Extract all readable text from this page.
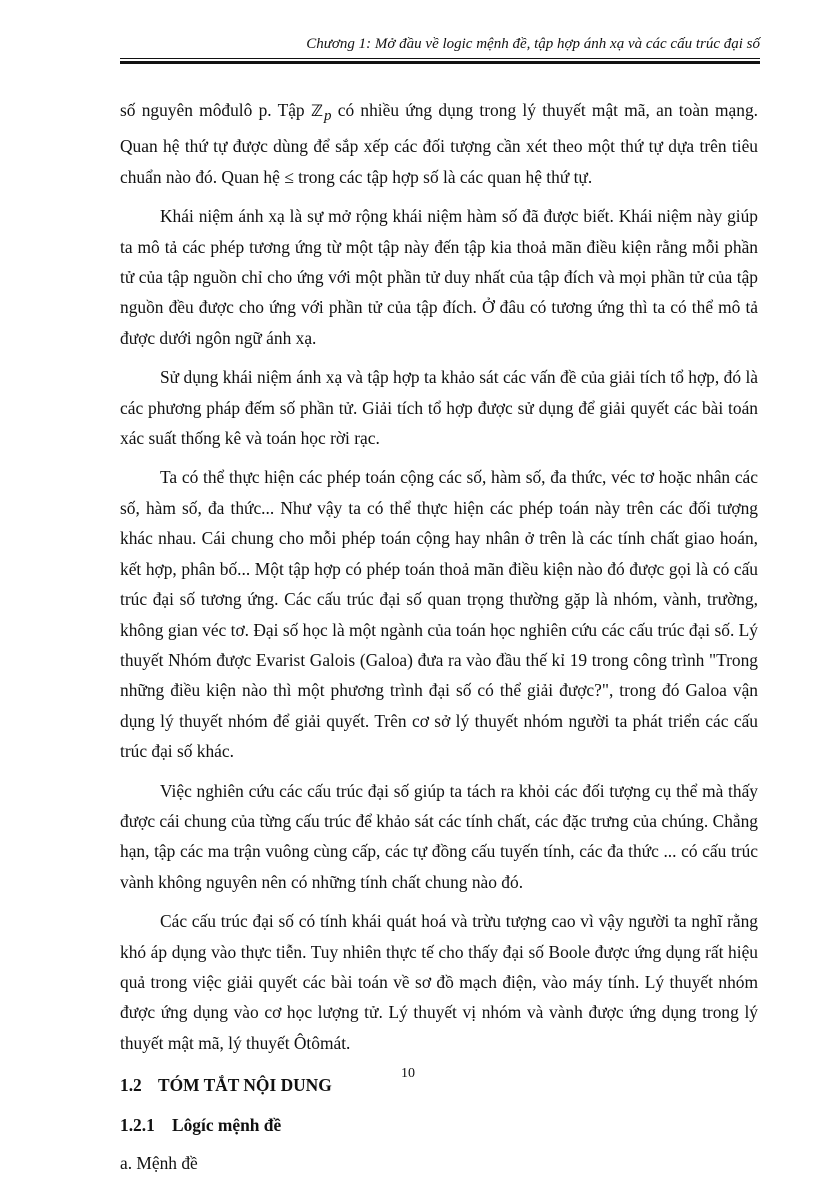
Chương 1: Mở đầu về logic mệnh đề, tập hợp ánh xạ và các cấu trúc đại số

số nguyên môđulô p. Tập ℤ p có nhiều ứng dụng trong lý thuyết mật mã, an toàn mạng. Quan hệ thứ tự được dùng để sắp xếp các đối tượng cần xét theo một thứ tự dựa trên tiêu chuẩn nào đó. Quan hệ ≤ trong các tập hợp số là các quan hệ thứ tự.

Khái niệm ánh xạ là sự mở rộng khái niệm hàm số đã được biết. Khái niệm này giúp ta mô tả các phép tương ứng từ một tập này đến tập kia thoả mãn điều kiện rằng mỗi phần tử của tập nguồn chỉ cho ứng với một phần tử duy nhất của tập đích và mọi phần tử của tập nguồn đều được cho ứng với phần tử của tập đích. Ở đâu có tương ứng thì ta có thể mô tả được dưới ngôn ngữ ánh xạ.

Sử dụng khái niệm ánh xạ và tập hợp ta khảo sát các vấn đề của giải tích tổ hợp, đó là các phương pháp đếm số phần tử. Giải tích tổ hợp được sử dụng để giải quyết các bài toán xác suất thống kê và toán học rời rạc.

Ta có thể thực hiện các phép toán cộng các số, hàm số, đa thức, véc tơ hoặc nhân các số, hàm số, đa thức... Như vậy ta có thể thực hiện các phép toán này trên các đối tượng khác nhau. Cái chung cho mỗi phép toán cộng hay nhân ở trên là các tính chất giao hoán, kết hợp, phân bố... Một tập hợp có phép toán thoả mãn điều kiện nào đó được gọi là có cấu trúc đại số tương ứng. Các cấu trúc đại số quan trọng thường gặp là nhóm, vành, trường, không gian véc tơ. Đại số học là một ngành của toán học nghiên cứu các cấu trúc đại số. Lý thuyết Nhóm được Evarist Galois (Galoa) đưa ra vào đầu thế kỉ 19 trong công trình "Trong những điều kiện nào thì một phương trình đại số có thể giải được?", trong đó Galoa vận dụng lý thuyết nhóm để giải quyết. Trên cơ sở lý thuyết nhóm người ta phát triển các cấu trúc đại số khác.

Việc nghiên cứu các cấu trúc đại số giúp ta tách ra khỏi các đối tượng cụ thể mà thấy được cái chung của từng cấu trúc để khảo sát các tính chất, các đặc trưng của chúng. Chẳng hạn, tập các ma trận vuông cùng cấp, các tự đồng cấu tuyến tính, các đa thức ... có cấu trúc vành không nguyên nên có những tính chất chung nào đó.

Các cấu trúc đại số có tính khái quát hoá và trừu tượng cao vì vậy người ta nghĩ rằng khó áp dụng vào thực tiễn. Tuy nhiên thực tế cho thấy đại số Boole được ứng dụng rất hiệu quả trong việc giải quyết các bài toán về sơ đồ mạch điện, vào máy tính. Lý thuyết nhóm được ứng dụng vào cơ học lượng tử. Lý thuyết vị nhóm và vành được ứng dụng trong lý thuyết mật mã, lý thuyết Ôtômát.

1.2 TÓM TẮT NỘI DUNG
1.2.1 Lôgíc mệnh đề
a. Mệnh đề
10
